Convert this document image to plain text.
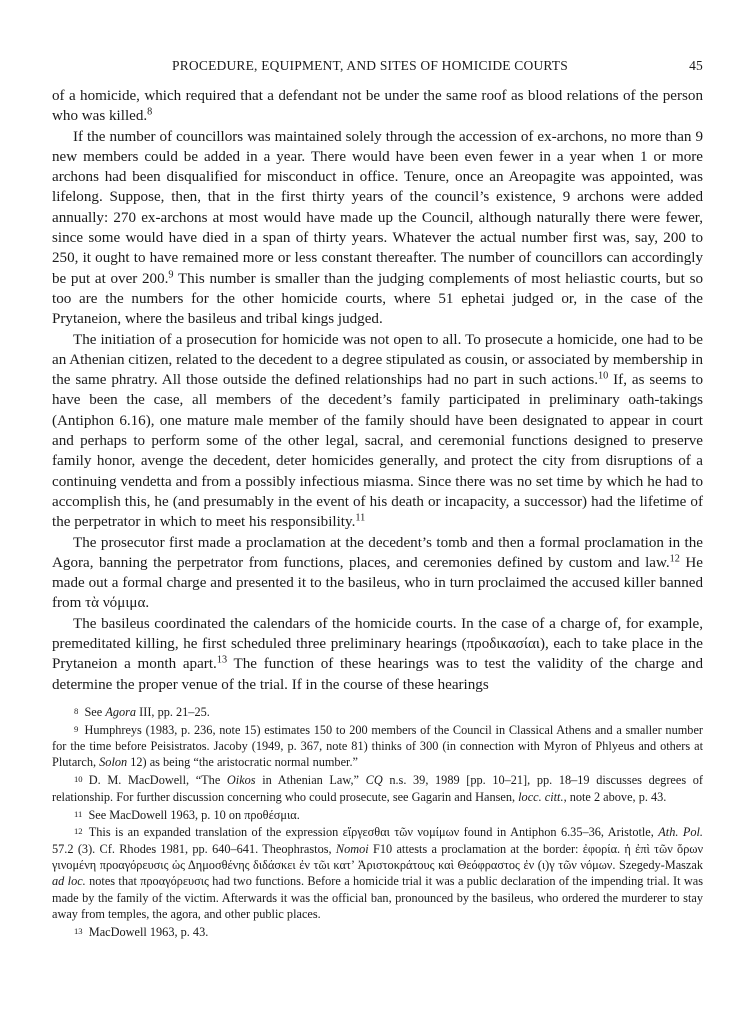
PROCEDURE, EQUIPMENT, AND SITES OF HOMICIDE COURTS	45

of a homicide, which required that a defendant not be under the same roof as blood relations of the person who was killed.$^8$

If the number of councillors was maintained solely through the accession of ex-archons, no more than 9 new members could be added in a year. There would have been even fewer in a year when 1 or more archons had been disqualified for misconduct in office. Tenure, once an Areopagite was appointed, was lifelong. Suppose, then, that in the first thirty years of the council’s existence, 9 archons were added annually: 270 ex-archons at most would have made up the Council, although naturally there were fewer, since some would have died in a span of thirty years. Whatever the actual number first was, say, 200 to 250, it ought to have remained more or less constant thereafter. The number of councillors can accordingly be put at over 200.$^9$ This number is smaller than the judging complements of most heliastic courts, but so too are the numbers for the other homicide courts, where 51 ephetai judged or, in the case of the Prytaneion, where the basileus and tribal kings judged.

The initiation of a prosecution for homicide was not open to all. To prosecute a homicide, one had to be an Athenian citizen, related to the decedent to a degree stipulated as cousin, or associated by membership in the same phratry. All those outside the defined relationships had no part in such actions.$^{10}$ If, as seems to have been the case, all members of the decedent’s family participated in preliminary oath-takings (Antiphon 6.16), one mature male member of the family should have been designated to appear in court and perhaps to perform some of the other legal, sacral, and ceremonial functions designed to preserve family honor, avenge the decedent, deter homicides generally, and protect the city from disruptions of a continuing vendetta and from a possibly infectious miasma. Since there was no set time by which he had to accomplish this, he (and presumably in the event of his death or incapacity, a successor) had the lifetime of the perpetrator in which to meet his responsibility.$^{11}$

The prosecutor first made a proclamation at the decedent’s tomb and then a formal proclamation in the Agora, banning the perpetrator from functions, places, and ceremonies defined by custom and law.$^{12}$ He made out a formal charge and presented it to the basileus, who in turn proclaimed the accused killer banned from τὰ νόμιμα.

The basileus coordinated the calendars of the homicide courts. In the case of a charge of, for example, premeditated killing, he first scheduled three preliminary hearings (προδικασίαι), each to take place in the Prytaneion a month apart.$^{13}$ The function of these hearings was to test the validity of the charge and determine the proper venue of the trial. If in the course of these hearings

$^8$  See Agora III, pp. 21–25.

$^9$  Humphreys (1983, p. 236, note 15) estimates 150 to 200 members of the Council in Classical Athens and a smaller number for the time before Peisistratos. Jacoby (1949, p. 367, note 81) thinks of 300 (in connection with Myron of Phlyeus and others at Plutarch, Solon 12) as being “the aristocratic normal number.”

$^{10}$  D. M. MacDowell, “The Oikos in Athenian Law,” CQ n.s. 39, 1989 [pp. 10–21], pp. 18–19 discusses degrees of relationship. For further discussion concerning who could prosecute, see Gagarin and Hansen, locc. citt., note 2 above, p. 43.

$^{11}$  See MacDowell 1963, p. 10 on προθέσμια.

$^{12}$  This is an expanded translation of the expression εἴργεσθαι τῶν νομίμων found in Antiphon 6.35–36, Aristotle, Ath. Pol. 57.2 (3). Cf. Rhodes 1981, pp. 640–641. Theophrastos, Nomoi F10 attests a proclamation at the border: ἐφορία. ἡ ἐπὶ τῶν ὅρων γινομένη προαγόρευσις ὡς Δημοσθένης διδάσκει ἐν τῶι κατ’ Ἀριστοκράτους καὶ Θεόφραστος ἐν (ι)γ τῶν νόμων. Szegedy-Maszak ad loc. notes that προαγόρευσις had two functions. Before a homicide trial it was a public declaration of the impending trial. It was made by the family of the victim. Afterwards it was the official ban, pronounced by the basileus, who ordered the murderer to stay away from temples, the agora, and other public places.

$^{13}$  MacDowell 1963, p. 43.
